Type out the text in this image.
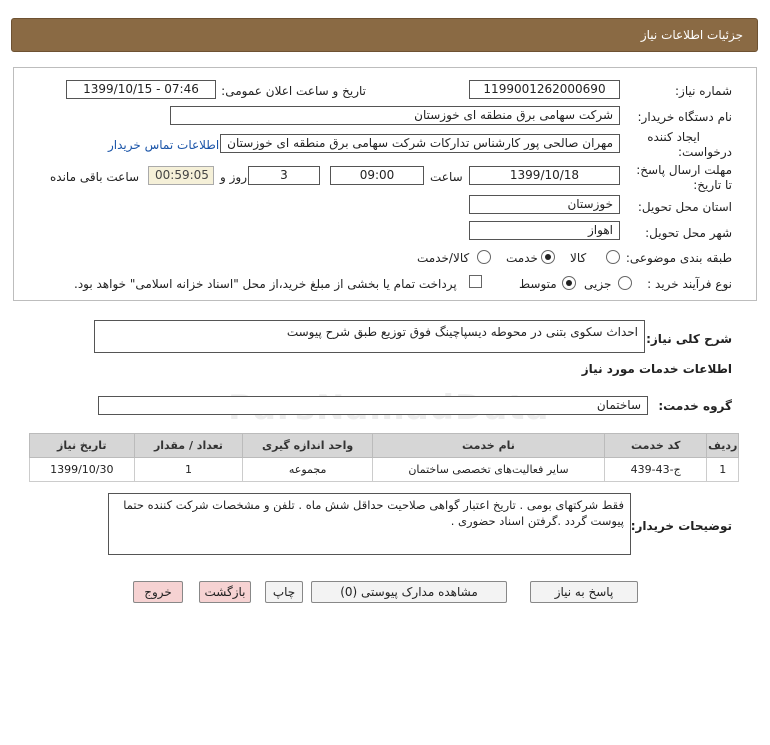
جزئیات اطلاعات نیاز
شماره نیاز:
1199001262000690
تاریخ و ساعت اعلان عمومی:
1399/10/15 - 07:46
نام دستگاه خریدار:
شرکت سهامی برق منطقه ای خوزستان
ایجاد کننده
درخواست:
مهران صالحی پور کارشناس تدارکات شرکت سهامی برق منطقه ای خوزستان
اطلاعات تماس خریدار
مهلت ارسال پاسخ:
تا تاریخ:
1399/10/18
ساعت
09:00
3
روز و
00:59:05
ساعت باقی مانده
استان محل تحویل:
خوزستان
شهر محل تحویل:
اهواز
طبقه بندی موضوعی:
کالا
خدمت
کالا/خدمت
نوع فرآیند خرید :
جزیی
متوسط
پرداخت تمام یا بخشی از مبلغ خرید،از محل "اسناد خزانه اسلامی" خواهد بود.
شرح کلی نیاز:
احداث سکوی بتنی در محوطه دیسپاچینگ فوق توزیع طبق شرح پیوست
اطلاعات خدمات مورد نیاز
گروه خدمت:
ساختمان
ردیف	کد خدمت	نام خدمت	واحد اندازه گیری	تعداد / مقدار	تاریخ نیاز
1	ج-43-439	سایر فعالیت‌های تخصصی ساختمان	مجموعه	1	1399/10/30
توضیحات خریدار:
فقط شرکتهای بومی . تاریخ اعتبار گواهی صلاحیت حداقل شش ماه . تلفن و مشخصات شرکت کننده حتما پیوست گردد .گرفتن اسناد حضوری .
پاسخ به نیاز
مشاهده مدارک پیوستی (0)
چاپ
بازگشت
خروج
